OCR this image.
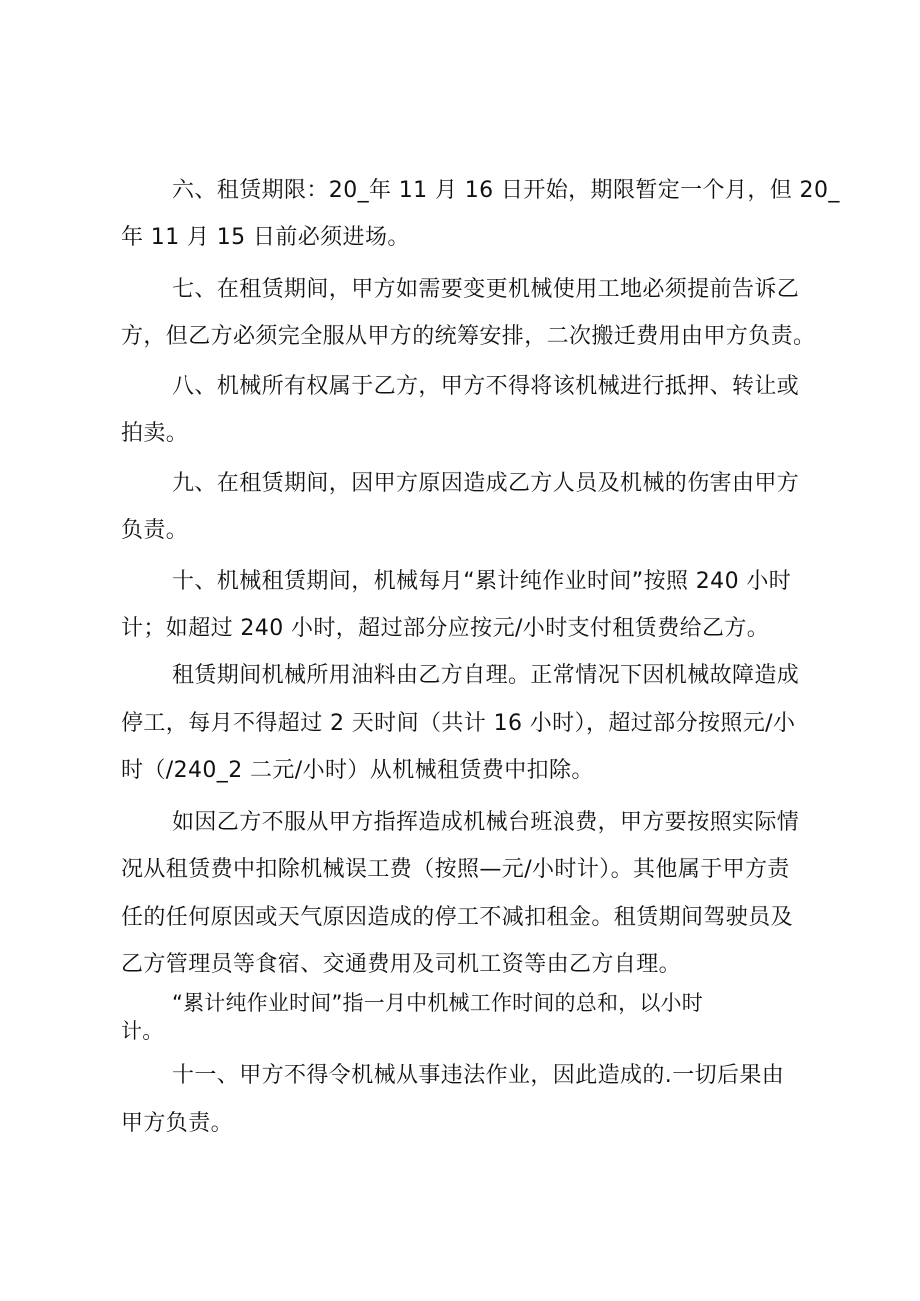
六、租赁期限：20_年 11 月 16 日开始，期限暂定一个月，但 20_
年 11 月 15 日前必须进场。
七、在租赁期间，甲方如需要变更机械使用工地必须提前告诉乙
方，但乙方必须完全服从甲方的统筹安排，二次搬迁费用由甲方负责。
八、机械所有权属于乙方，甲方不得将该机械进行抵押、转让或
拍卖。
九、在租赁期间，因甲方原因造成乙方人员及机械的伤害由甲方
负责。
十、机械租赁期间，机械每月“累计纯作业时间”按照 240 小时
计；如超过 240 小时，超过部分应按元/小时支付租赁费给乙方。
租赁期间机械所用油料由乙方自理。正常情况下因机械故障造成
停工，每月不得超过 2 天时间（共计 16 小时），超过部分按照元/小
时（/240_2 二元/小时）从机械租赁费中扣除。
如因乙方不服从甲方指挥造成机械台班浪费，甲方要按照实际情
况从租赁费中扣除机械误工费（按照—元/小时计）。其他属于甲方责
任的任何原因或天气原因造成的停工不减扣租金。租赁期间驾驶员及
乙方管理员等食宿、交通费用及司机工资等由乙方自理。
“累计纯作业时间”指一月中机械工作时间的总和，以小时
计。
十一、甲方不得令机械从事违法作业，因此造成的.一切后果由
甲方负责。
